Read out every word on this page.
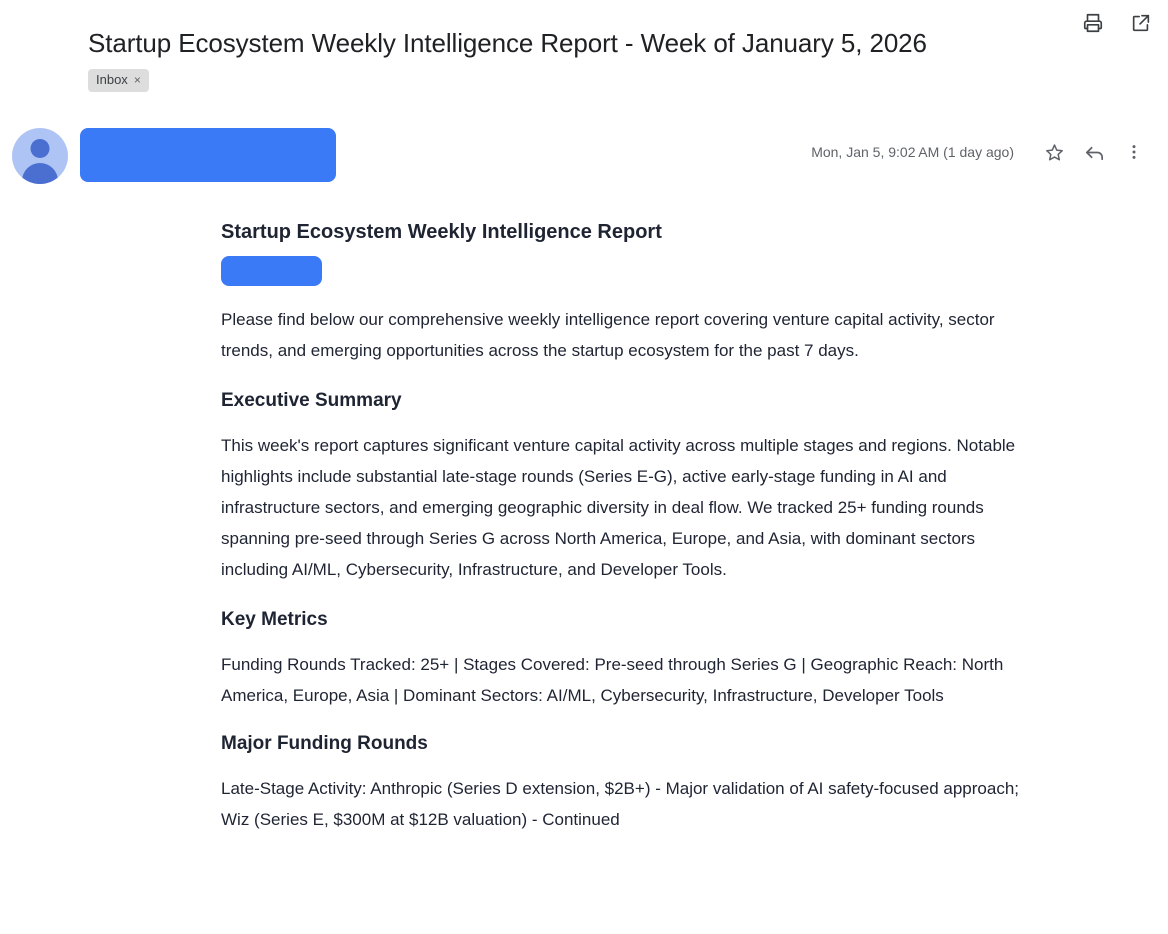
Startup Ecosystem Weekly Intelligence Report - Week of January 5, 2026
Inbox ×
Mon, Jan 5, 9:02 AM (1 day ago)
Startup Ecosystem Weekly Intelligence Report
Please find below our comprehensive weekly intelligence report covering venture capital activity, sector trends, and emerging opportunities across the startup ecosystem for the past 7 days.
Executive Summary
This week's report captures significant venture capital activity across multiple stages and regions. Notable highlights include substantial late-stage rounds (Series E-G), active early-stage funding in AI and infrastructure sectors, and emerging geographic diversity in deal flow. We tracked 25+ funding rounds spanning pre-seed through Series G across North America, Europe, and Asia, with dominant sectors including AI/ML, Cybersecurity, Infrastructure, and Developer Tools.
Key Metrics
Funding Rounds Tracked: 25+ | Stages Covered: Pre-seed through Series G | Geographic Reach: North America, Europe, Asia | Dominant Sectors: AI/ML, Cybersecurity, Infrastructure, Developer Tools
Major Funding Rounds
Late-Stage Activity: Anthropic (Series D extension, $2B+) - Major validation of AI safety-focused approach; Wiz (Series E, $300M at $12B valuation) - Continued
